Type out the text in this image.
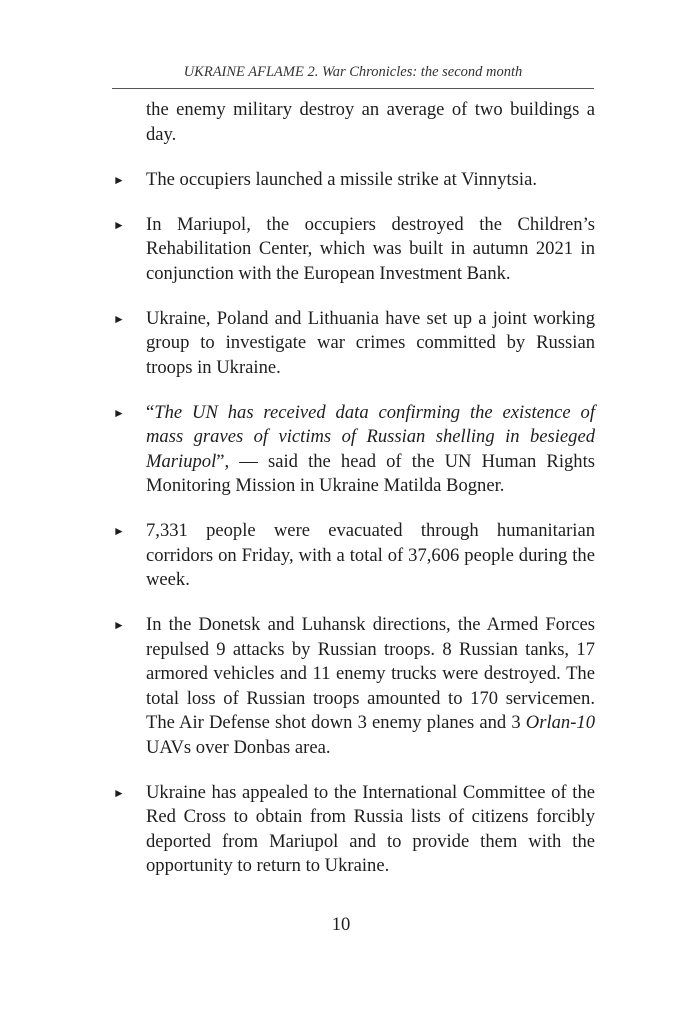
UKRAINE AFLAME 2. War Chronicles: the second month
the enemy military destroy an average of two buildings a day.
► The occupiers launched a missile strike at Vinnytsia.
► In Mariupol, the occupiers destroyed the Children’s Rehabilitation Center, which was built in autumn 2021 in conjunction with the European Investment Bank.
► Ukraine, Poland and Lithuania have set up a joint working group to investigate war crimes committed by Russian troops in Ukraine.
► “The UN has received data confirming the existence of mass graves of victims of Russian shelling in besieged Mariupol”, — said the head of the UN Human Rights Monitoring Mission in Ukraine Matilda Bogner.
► 7,331 people were evacuated through humanitarian corridors on Friday, with a total of 37,606 people during the week.
► In the Donetsk and Luhansk directions, the Armed Forces repulsed 9 attacks by Russian troops. 8 Russian tanks, 17 armored vehicles and 11 enemy trucks were destroyed. The total loss of Russian troops amounted to 170 servicemen. The Air Defense shot down 3 enemy planes and 3 Orlan-10 UAVs over Donbas area.
► Ukraine has appealed to the International Committee of the Red Cross to obtain from Russia lists of citizens forcibly deported from Mariupol and to provide them with the opportunity to return to Ukraine.
10
